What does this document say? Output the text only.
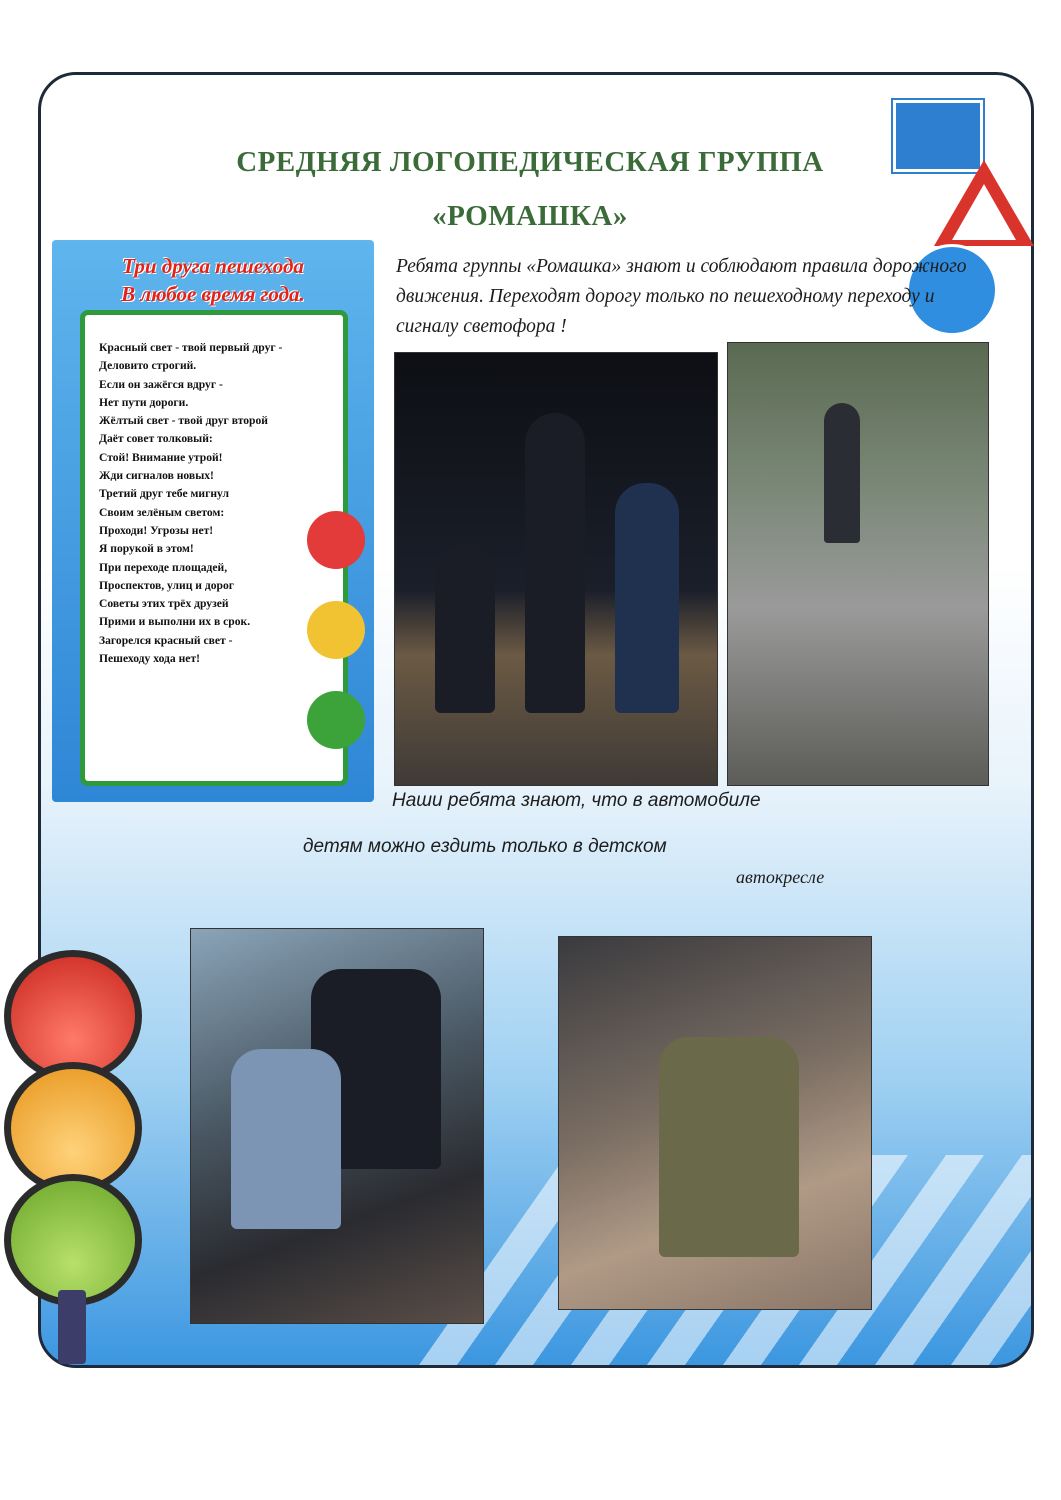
СРЕДНЯЯ ЛОГОПЕДИЧЕСКАЯ ГРУППА
«РОМАШКА»
Три друга пешехода
В любое время года.
Красный свет - твой первый друг -
Деловито строгий.
Если он зажёгся вдруг -
Нет пути дороги.
Жёлтый свет - твой друг второй
Даёт совет толковый:
Стой! Внимание утрой!
Жди сигналов новых!
Третий друг тебе мигнул
Своим зелёным светом:
Проходи! Угрозы нет!
Я порукой в этом!
При переходе площадей,
Проспектов, улиц и дорог
Советы этих трёх друзей
Прими и выполни их в срок.
Загорелся красный свет -
Пешеходу хода нет!

Ребята группы «Ромашка» знают и соблюдают правила дорожного движения. Переходят дорогу только по пешеходному переходу и сигналу светофора !

Наши ребята знают, что в автомобиле

детям можно ездить только в детском

автокресле
